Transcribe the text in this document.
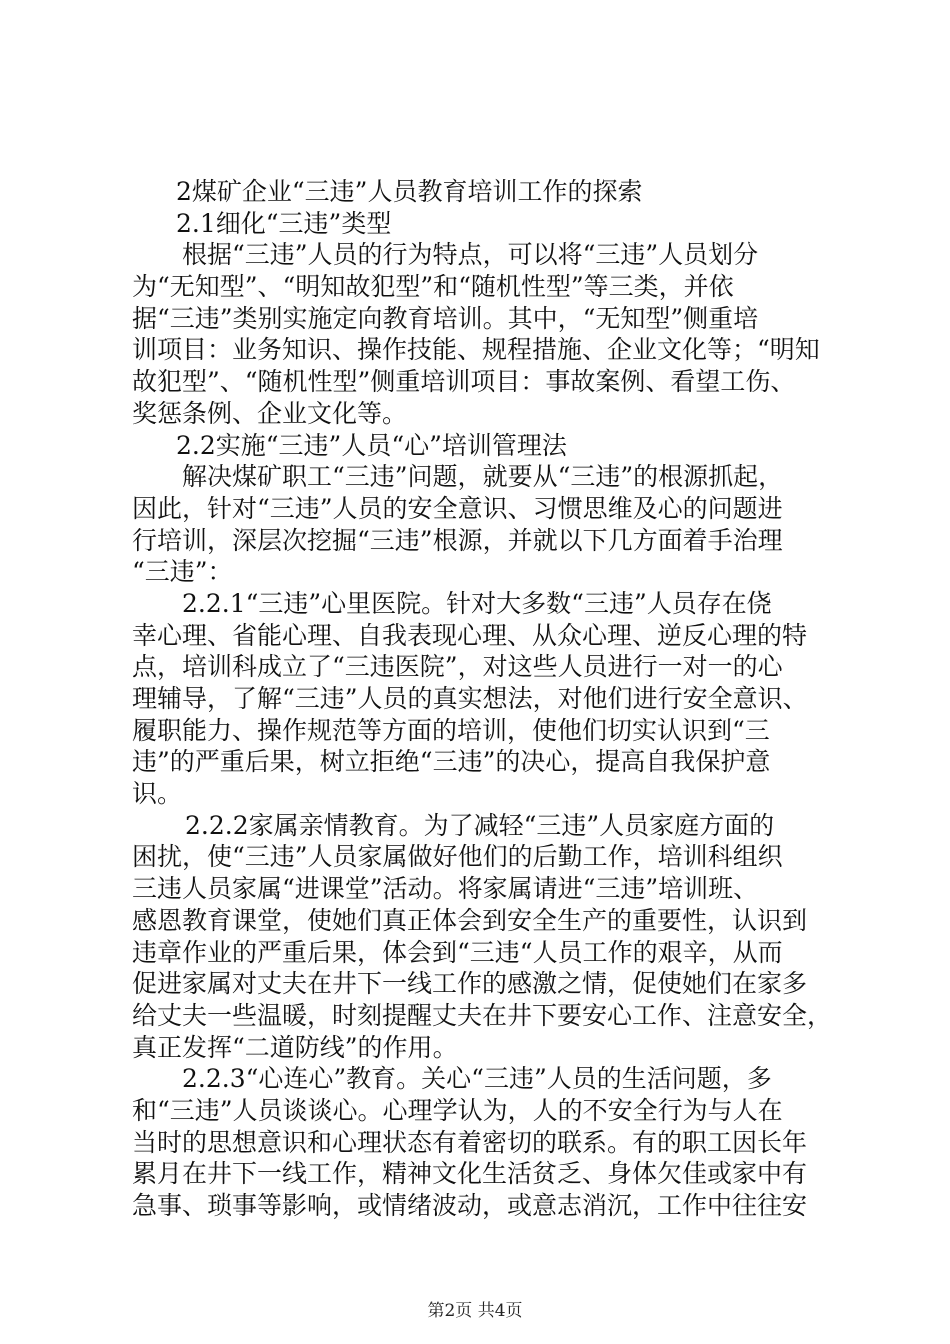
2煤矿企业“三违”人员教育培训工作的探索
2.1细化“三违”类型
根据“三违”人员的行为特点，可以将“三违”人员划分
为“无知型”、“明知故犯型”和“随机性型”等三类，并依
据“三违”类别实施定向教育培训。其中，“无知型”侧重培
训项目：业务知识、操作技能、规程措施、企业文化等；“明知
故犯型”、“随机性型”侧重培训项目：事故案例、看望工伤、
奖惩条例、企业文化等。
2.2实施“三违”人员“心”培训管理法
解决煤矿职工“三违”问题，就要从“三违”的根源抓起，
因此，针对“三违”人员的安全意识、习惯思维及心的问题进
行培训，深层次挖掘“三违”根源，并就以下几方面着手治理
“三违”：
2.2.1“三违”心里医院。针对大多数“三违”人员存在侥
幸心理、省能心理、自我表现心理、从众心理、逆反心理的特
点，培训科成立了“三违医院”，对这些人员进行一对一的心
理辅导，了解“三违”人员的真实想法，对他们进行安全意识、
履职能力、操作规范等方面的培训，使他们切实认识到“三
违”的严重后果，树立拒绝“三违”的决心，提高自我保护意
识。
2.2.2家属亲情教育。为了减轻“三违”人员家庭方面的
困扰，使“三违”人员家属做好他们的后勤工作，培训科组织
三违人员家属“进课堂”活动。将家属请进“三违”培训班、
感恩教育课堂，使她们真正体会到安全生产的重要性，认识到
违章作业的严重后果，体会到“三违“人员工作的艰辛，从而
促进家属对丈夫在井下一线工作的感激之情，促使她们在家多
给丈夫一些温暖，时刻提醒丈夫在井下要安心工作、注意安全，
真正发挥“二道防线”的作用。
2.2.3“心连心”教育。关心“三违”人员的生活问题，多
和“三违”人员谈谈心。心理学认为，人的不安全行为与人在
当时的思想意识和心理状态有着密切的联系。有的职工因长年
累月在井下一线工作，精神文化生活贫乏、身体欠佳或家中有
急事、琐事等影响，或情绪波动，或意志消沉，工作中往往安
第2页 共4页
